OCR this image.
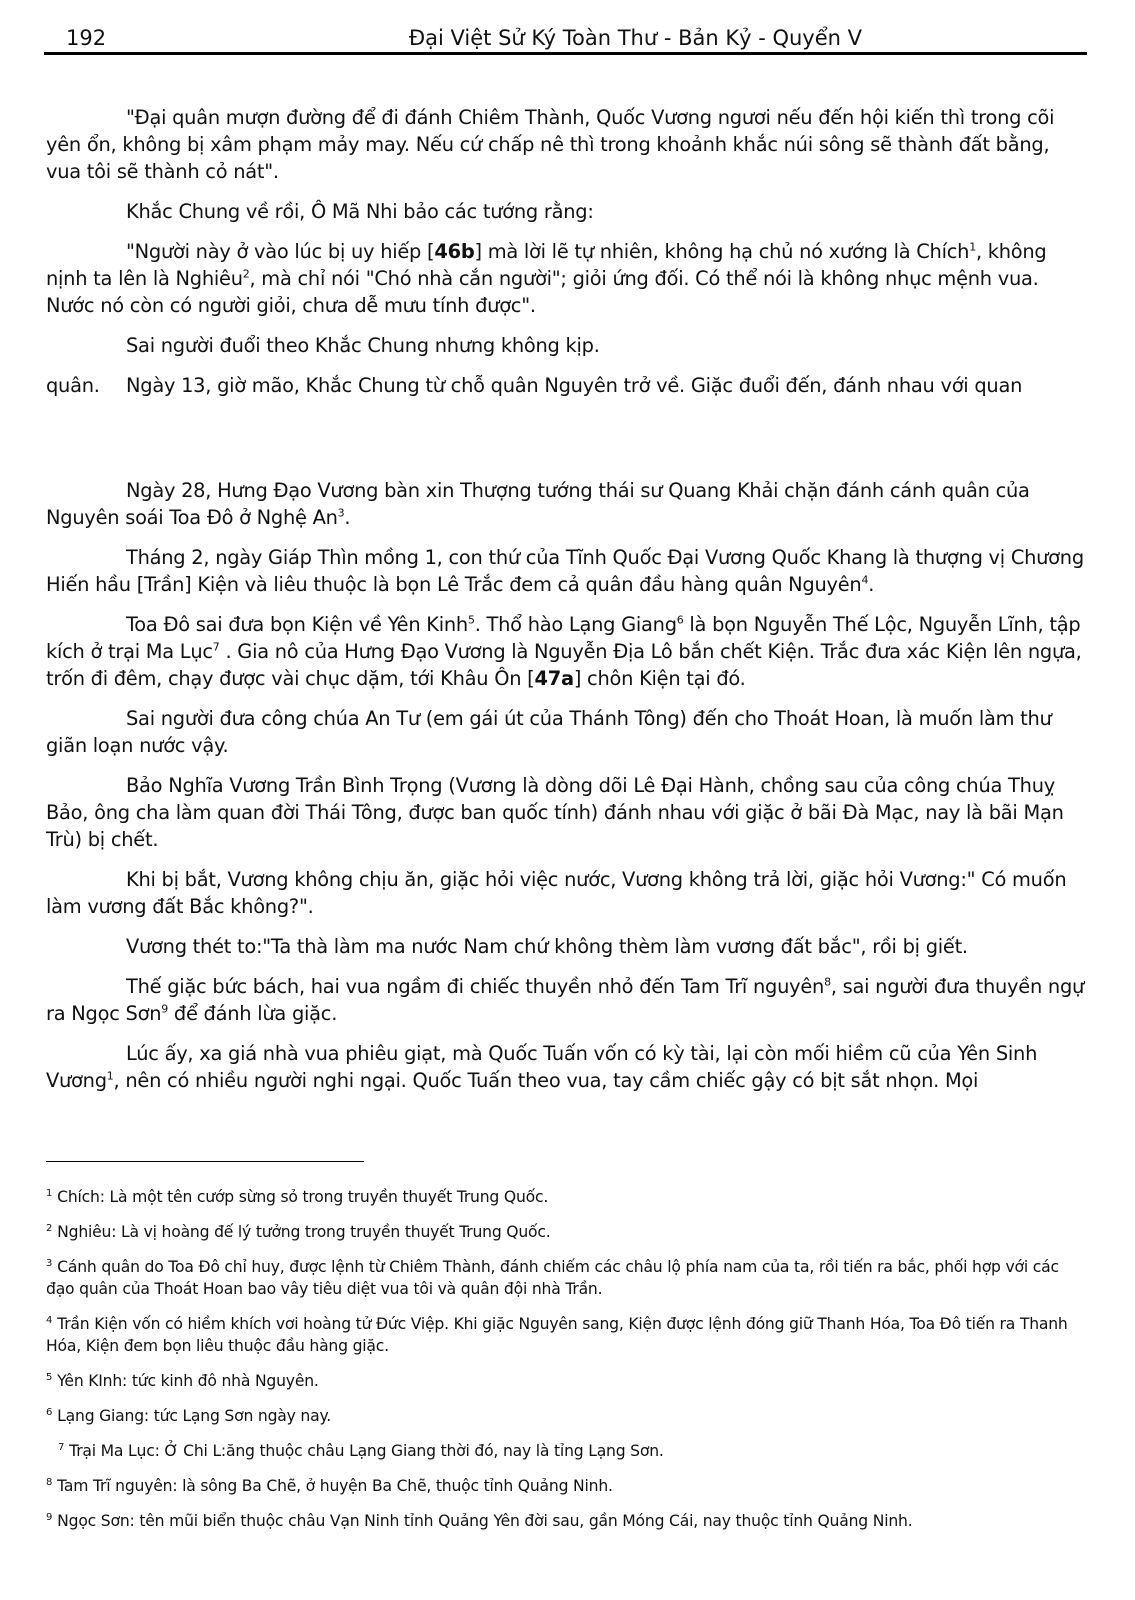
192	Đại Việt Sử Ký Toàn Thư - Bản Kỷ - Quyển V

"Đại quân mượn đường để đi đánh Chiêm Thành, Quốc Vương ngươi nếu đến hội kiến thì trong cõi yên ổn, không bị xâm phạm mảy may. Nếu cứ chấp nê thì trong khoảnh khắc núi sông sẽ thành đất bằng, vua tôi sẽ thành cỏ nát".

Khắc Chung về rồi, Ô Mã Nhi bảo các tướng rằng:

"Người này ở vào lúc bị uy hiếp [46b] mà lời lẽ tự nhiên, không hạ chủ nó xướng là Chích$^1$, không nịnh ta lên là Nghiêu$^2$, mà chỉ nói "Chó nhà cắn người"; giỏi ứng đối. Có thể nói là không nhục mệnh vua. Nước nó còn có người giỏi, chưa dễ mưu tính được".

Sai người đuổi theo Khắc Chung nhưng không kịp.

quân.	Ngày 13, giờ mão, Khắc Chung từ chỗ quân Nguyên trở về. Giặc đuổi đến, đánh nhau với quan

Ngày 28, Hưng Đạo Vương bàn xin Thượng tướng thái sư Quang Khải chặn đánh cánh quân của Nguyên soái Toa Đô ở Nghệ An$^3$.

Tháng 2, ngày Giáp Thìn mồng 1, con thứ của Tĩnh Quốc Đại Vương Quốc Khang là thượng vị Chương Hiến hầu [Trần] Kiện và liêu thuộc là bọn Lê Trắc đem cả quân đầu hàng quân Nguyên$^4$.

Toa Đô sai đưa bọn Kiện về Yên Kinh$^5$. Thổ hào Lạng Giang$^6$ là bọn Nguyễn Thế Lộc, Nguyễn Lĩnh, tập kích ở trại Ma Lục$^7$ . Gia nô của Hưng Đạo Vương là Nguyễn Địa Lô bắn chết Kiện. Trắc đưa xác Kiện lên ngựa, trốn đi đêm, chạy được vài chục dặm, tới Khâu Ôn [47a] chôn Kiện tại đó.

Sai người đưa công chúa An Tư (em gái út của Thánh Tông) đến cho Thoát Hoan, là muốn làm thư giãn loạn nước vậy.

Bảo Nghĩa Vương Trần Bình Trọng (Vương là dòng dõi Lê Đại Hành, chồng sau của công chúa Thuỵ Bảo, ông cha làm quan đời Thái Tông, được ban quốc tính) đánh nhau với giặc ở bãi Đà Mạc, nay là bãi Mạn Trù) bị chết.

Khi bị bắt, Vương không chịu ăn, giặc hỏi việc nước, Vương không trả lời, giặc hỏi Vương:" Có muốn làm vương đất Bắc không?".

Vương thét to:"Ta thà làm ma nước Nam chứ không thèm làm vương đất bắc", rồi bị giết.

Thế giặc bức bách, hai vua ngầm đi chiếc thuyền nhỏ đến Tam Trĩ nguyên$^8$, sai người đưa thuyền ngự ra Ngọc Sơn$^9$ để đánh lừa giặc.

Lúc ấy, xa giá nhà vua phiêu giạt, mà Quốc Tuấn vốn có kỳ tài, lại còn mối hiềm cũ của Yên Sinh Vương$^1$, nên có nhiều người nghi ngại. Quốc Tuấn theo vua, tay cầm chiếc gậy có bịt sắt nhọn. Mọi

$^1$ Chích: Là một tên cướp sừng sỏ trong truyền thuyết Trung Quốc.
$^2$ Nghiêu: Là vị hoàng đế lý tưởng trong truyền thuyết Trung Quốc.
$^3$ Cánh quân do Toa Đô chỉ huy, được lệnh từ Chiêm Thành, đánh chiếm các châu lộ phía nam của ta, rồi tiến ra bắc, phối hợp với các đạo quân của Thoát Hoan bao vây tiêu diệt vua tôi và quân đội nhà Trần.
$^4$ Trần Kiện vốn có hiềm khích vơi hoàng tử Đức Việp. Khi giặc Nguyên sang, Kiện được lệnh đóng giữ Thanh Hóa, Toa Đô tiến ra Thanh Hóa, Kiện đem bọn liêu thuộc đầu hàng giặc.
$^5$ Yên KInh: tức kinh đô nhà Nguyên.
$^6$ Lạng Giang: tức Lạng Sơn ngày nay.
$^7$ Trại Ma Lục: Ở Chi L:ăng thuộc châu Lạng Giang thời đó, nay là tỉng Lạng Sơn.
$^8$ Tam Trĩ nguyên: là sông Ba Chẽ, ở huyện Ba Chẽ, thuộc tỉnh Quảng Ninh.
$^9$ Ngọc Sơn: tên mũi biển thuộc châu Vạn Ninh tỉnh Quảng Yên đời sau, gần Móng Cái, nay thuộc tỉnh Quảng Ninh.
